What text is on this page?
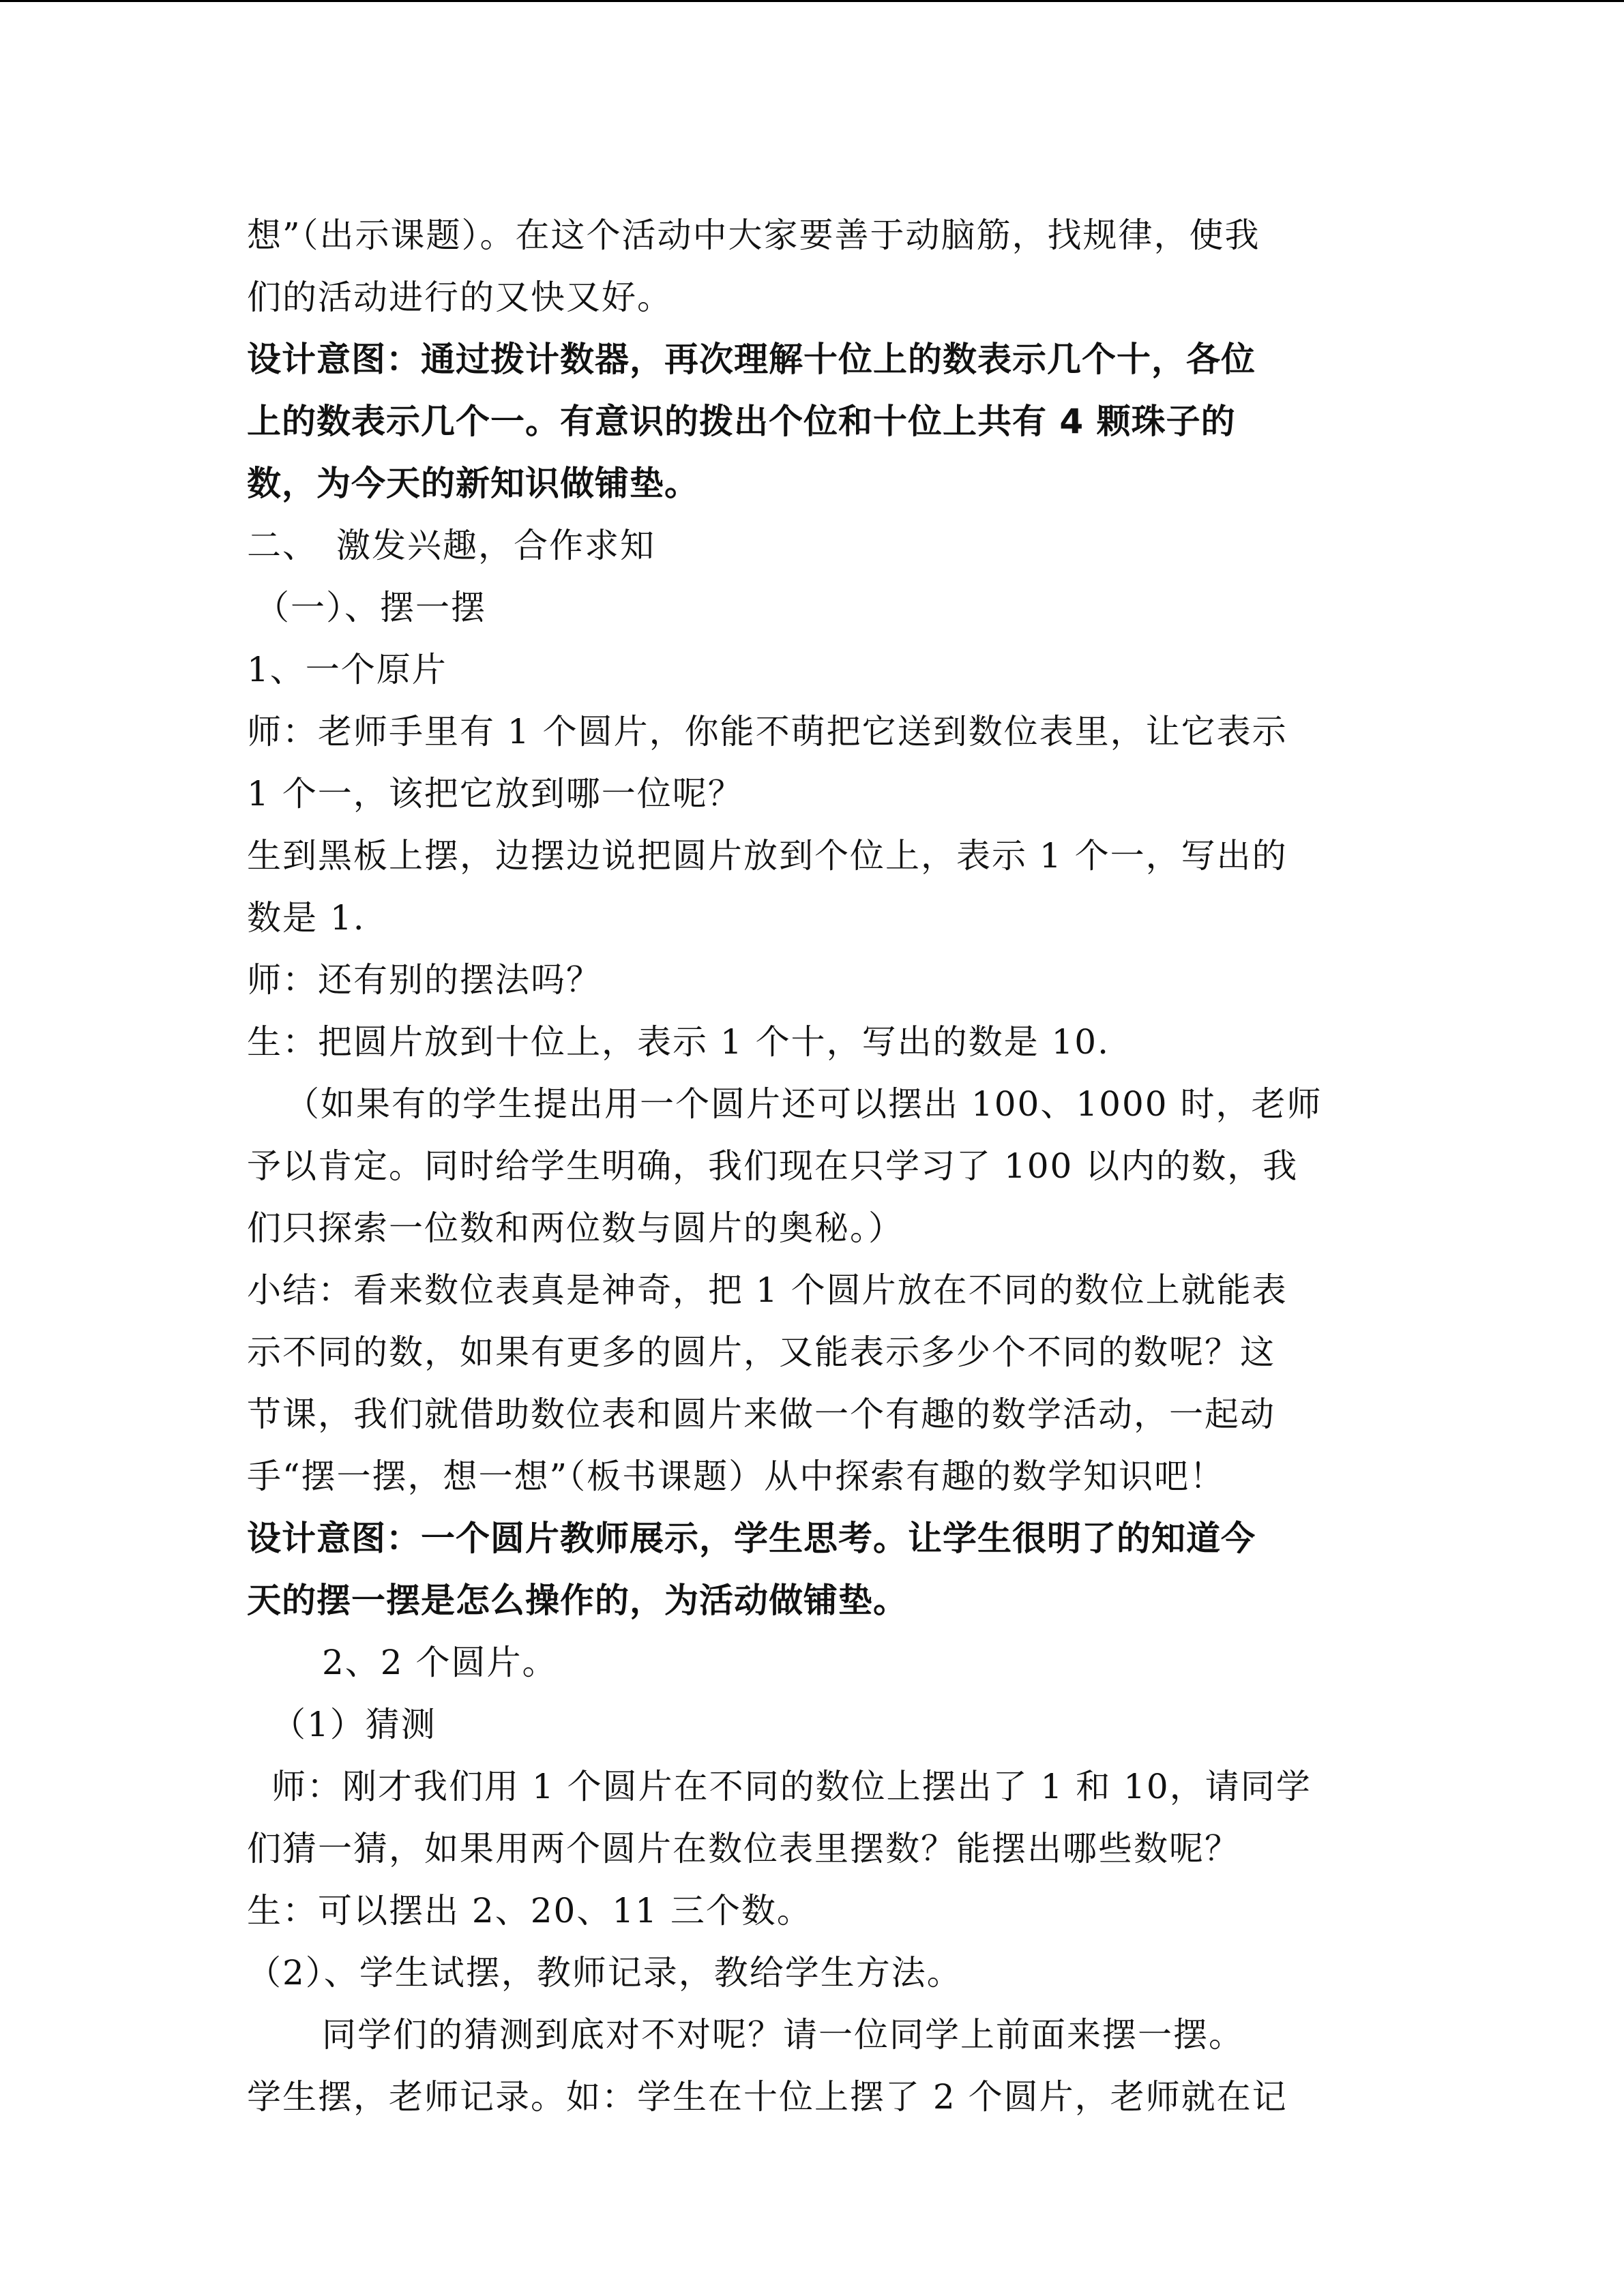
想”（出示课题）。在这个活动中大家要善于动脑筋，找规律，使我
们的活动进行的又快又好。
设计意图：通过拨计数器，再次理解十位上的数表示几个十，各位
上的数表示几个一。有意识的拨出个位和十位上共有 4 颗珠子的
数，为今天的新知识做铺垫。
二、　激发兴趣，合作求知
（一）、摆一摆
1、一个原片
师：老师手里有 1 个圆片，你能不萌把它送到数位表里，让它表示
1 个一，该把它放到哪一位呢？
生到黑板上摆，边摆边说把圆片放到个位上，表示 1 个一，写出的
数是 1.
师：还有别的摆法吗？
生：把圆片放到十位上，表示 1 个十，写出的数是 10.
（如果有的学生提出用一个圆片还可以摆出 100、1000 时，老师
予以肯定。同时给学生明确，我们现在只学习了 100 以内的数，我
们只探索一位数和两位数与圆片的奥秘。）
小结：看来数位表真是神奇，把 1 个圆片放在不同的数位上就能表
示不同的数，如果有更多的圆片，又能表示多少个不同的数呢？这
节课，我们就借助数位表和圆片来做一个有趣的数学活动，一起动
手“摆一摆，想一想”（板书课题）从中探索有趣的数学知识吧！
设计意图：一个圆片教师展示，学生思考。让学生很明了的知道今
天的摆一摆是怎么操作的，为活动做铺垫。
2、2 个圆片。
（1）猜测
师：刚才我们用 1 个圆片在不同的数位上摆出了 1 和 10，请同学
们猜一猜，如果用两个圆片在数位表里摆数？能摆出哪些数呢？
生：可以摆出 2、20、11 三个数。
（2）、学生试摆，教师记录，教给学生方法。
同学们的猜测到底对不对呢？请一位同学上前面来摆一摆。
学生摆，老师记录。如：学生在十位上摆了 2 个圆片，老师就在记
